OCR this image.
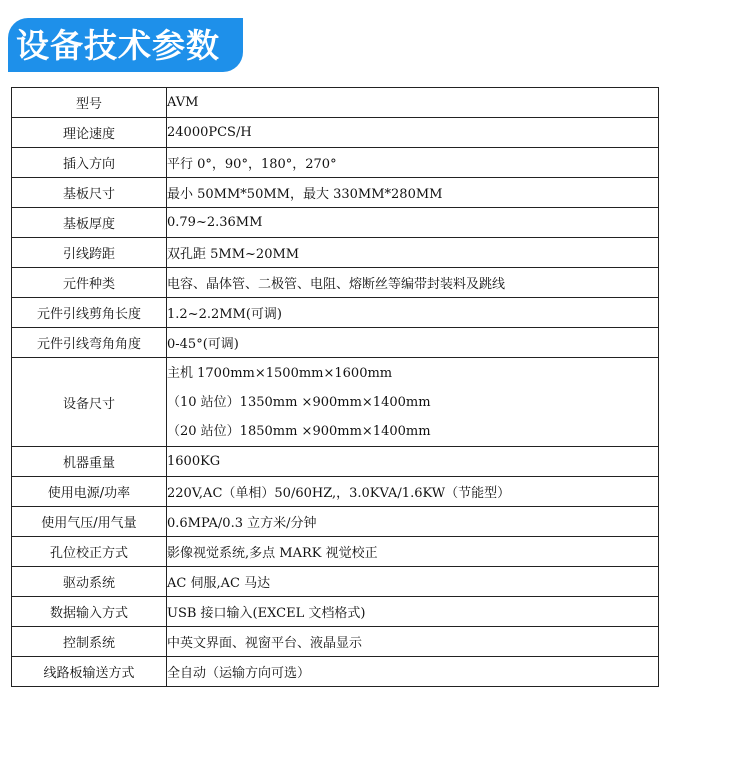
设备技术参数
型号	AVM
理论速度	24000PCS/H
插入方向	平行 0°，90°，180°，270°
基板尺寸	最小 50MM*50MM，最大 330MM*280MM
基板厚度	0.79~2.36MM
引线跨距	双孔距 5MM~20MM
元件种类	电容、晶体管、二极管、电阻、熔断丝等编带封装料及跳线
元件引线剪角长度	1.2~2.2MM(可调)
元件引线弯角角度	0-45°(可调)
设备尺寸	主机 1700mm×1500mm×1600mm
（10 站位）1350mm ×900mm×1400mm
（20 站位）1850mm ×900mm×1400mm

机器重量	1600KG
使用电源/功率	220V,AC（单相）50/60HZ,，3.0KVA/1.6KW（节能型）
使用气压/用气量	0.6MPA/0.3 立方米/分钟
孔位校正方式	影像视觉系统,多点 MARK 视觉校正
驱动系统	AC 伺服,AC 马达
数据输入方式	USB 接口输入(EXCEL 文档格式)
控制系统	中英文界面、视窗平台、液晶显示
线路板输送方式	全自动（运输方向可选）
